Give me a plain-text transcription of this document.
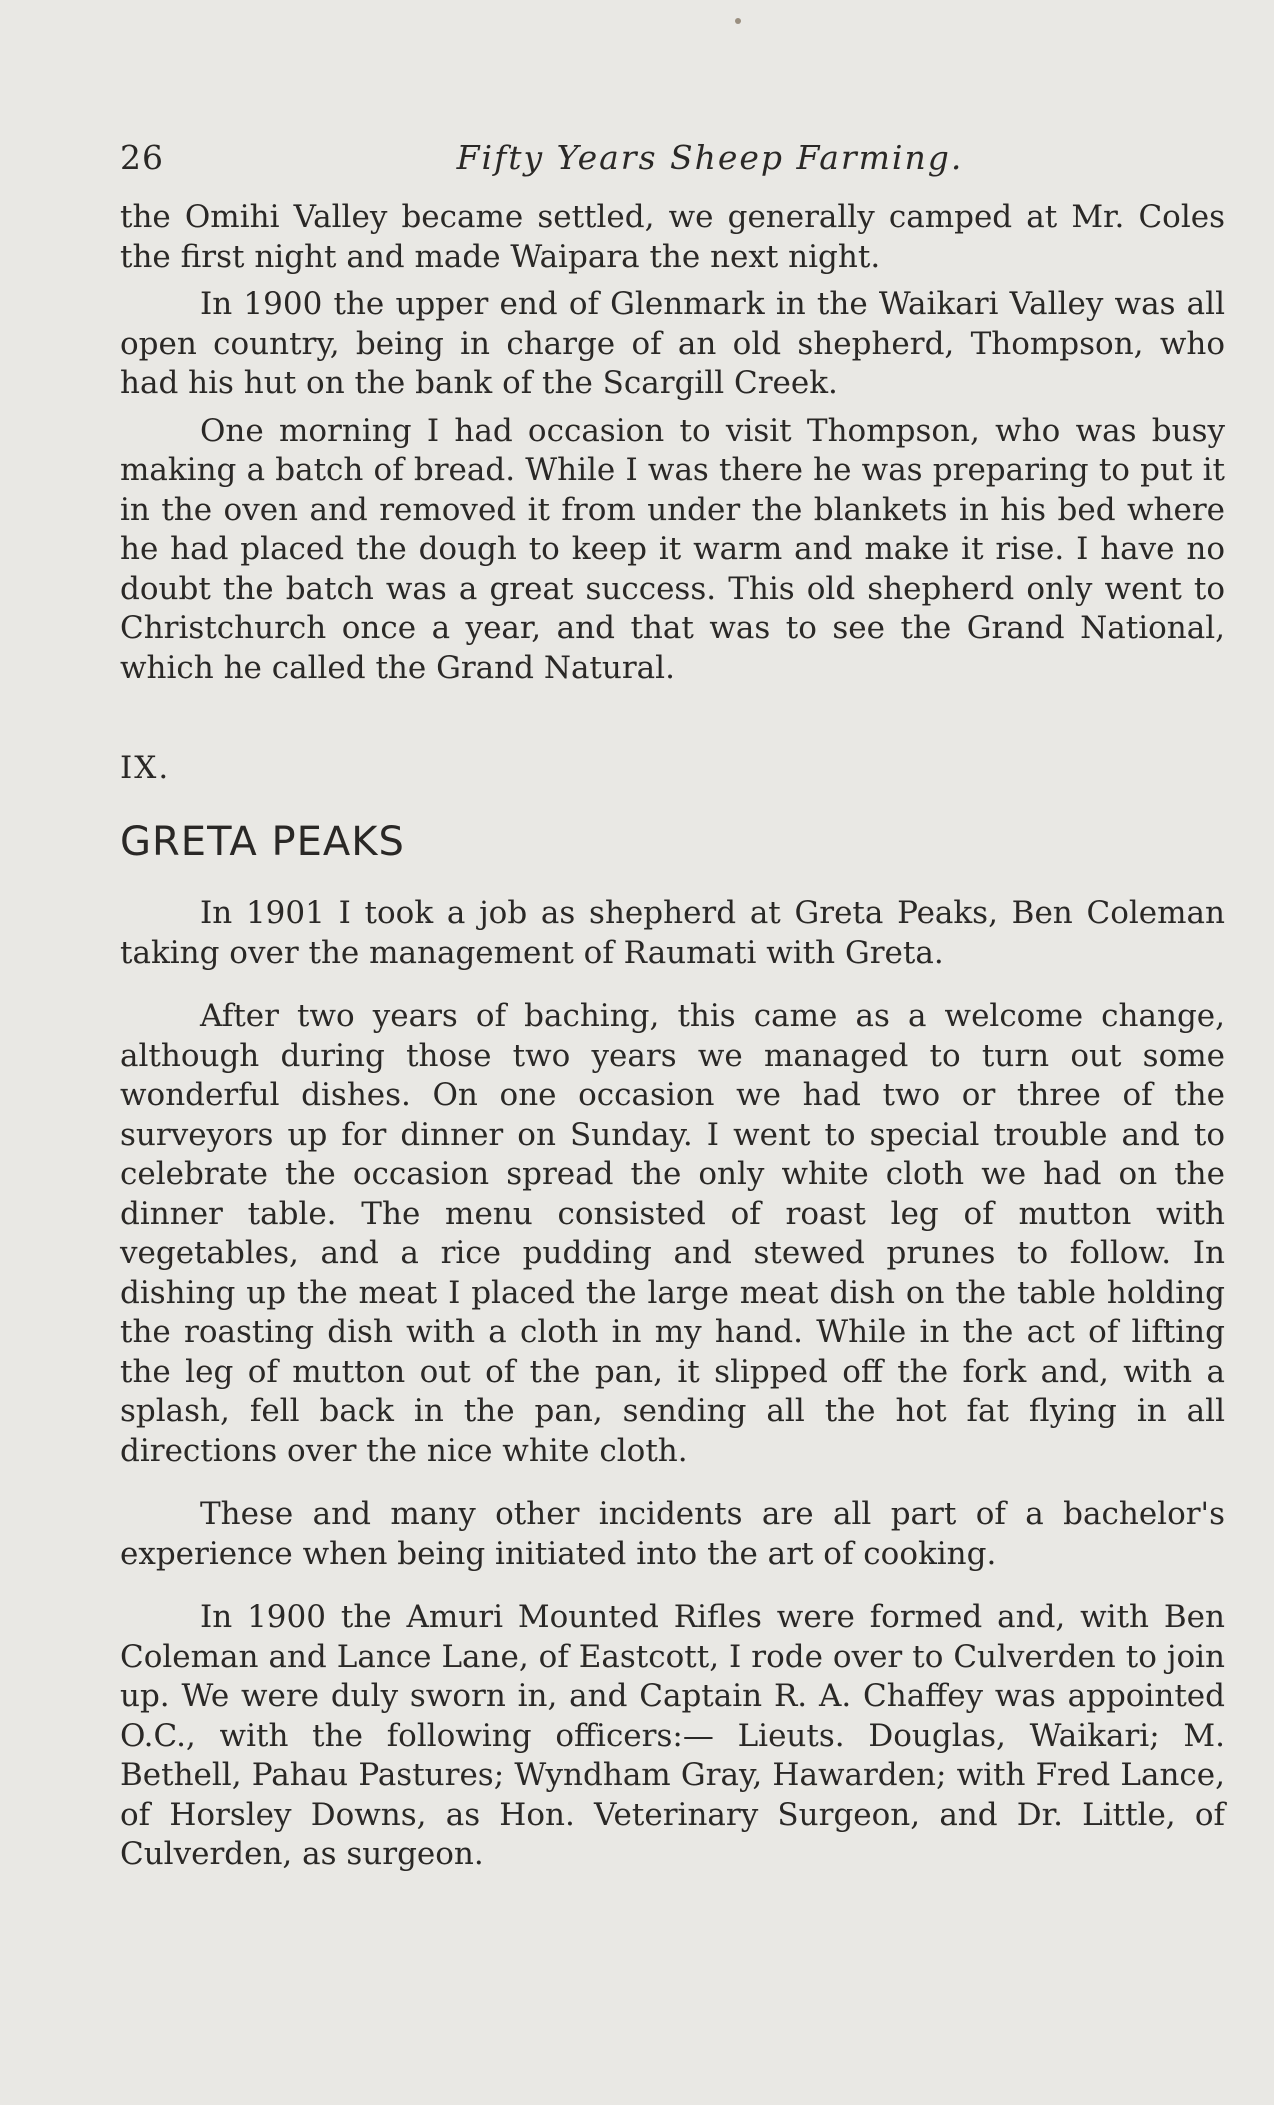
26	Fifty Years Sheep Farming.

the Omihi Valley became settled, we generally camped at Mr. Coles the first night and made Waipara the next night.

In 1900 the upper end of Glenmark in the Waikari Valley was all open country, being in charge of an old shepherd, Thompson, who had his hut on the bank of the Scargill Creek.

One morning I had occasion to visit Thompson, who was busy making a batch of bread. While I was there he was preparing to put it in the oven and removed it from under the blankets in his bed where he had placed the dough to keep it warm and make it rise. I have no doubt the batch was a great success. This old shepherd only went to Christchurch once a year, and that was to see the Grand National, which he called the Grand Natural.

IX.

GRETA PEAKS

In 1901 I took a job as shepherd at Greta Peaks, Ben Coleman taking over the management of Raumati with Greta.

After two years of baching, this came as a welcome change, although during those two years we managed to turn out some wonderful dishes. On one occasion we had two or three of the surveyors up for dinner on Sunday. I went to special trouble and to celebrate the occasion spread the only white cloth we had on the dinner table. The menu consisted of roast leg of mutton with vegetables, and a rice pudding and stewed prunes to follow. In dishing up the meat I placed the large meat dish on the table holding the roasting dish with a cloth in my hand. While in the act of lifting the leg of mutton out of the pan, it slipped off the fork and, with a splash, fell back in the pan, sending all the hot fat flying in all directions over the nice white cloth.

These and many other incidents are all part of a bachelor's experience when being initiated into the art of cooking.

In 1900 the Amuri Mounted Rifles were formed and, with Ben Coleman and Lance Lane, of Eastcott, I rode over to Culverden to join up. We were duly sworn in, and Captain R. A. Chaffey was appointed O.C., with the following officers:— Lieuts. Douglas, Waikari; M. Bethell, Pahau Pastures; Wyndham Gray, Hawarden; with Fred Lance, of Horsley Downs, as Hon. Veterinary Surgeon, and Dr. Little, of Culverden, as surgeon.
